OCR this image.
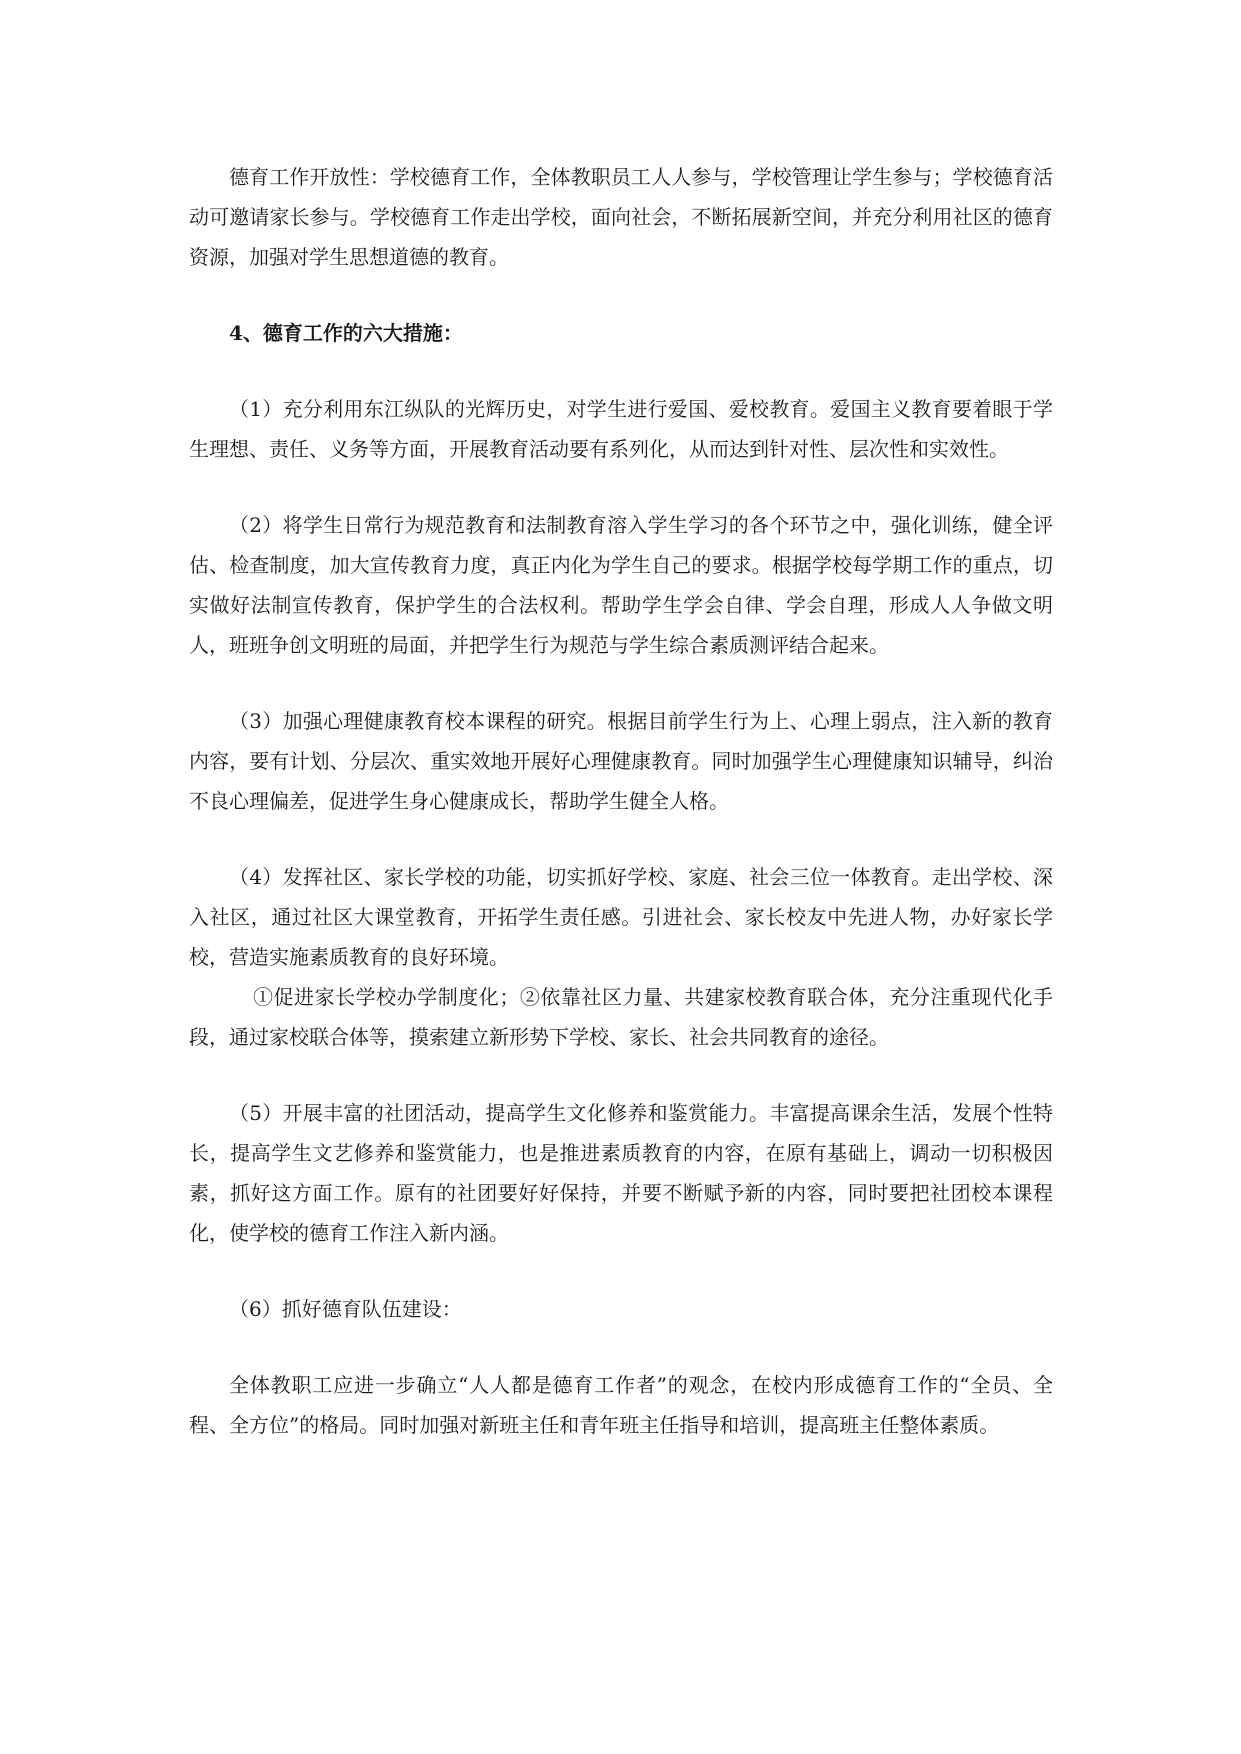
德育工作开放性：学校德育工作，全体教职员工人人参与，学校管理让学生参与；学校德育活动可邀请家长参与。学校德育工作走出学校，面向社会，不断拓展新空间，并充分利用社区的德育资源，加强对学生思想道德的教育。

4、德育工作的六大措施：

（1）充分利用东江纵队的光辉历史，对学生进行爱国、爱校教育。爱国主义教育要着眼于学生理想、责任、义务等方面，开展教育活动要有系列化，从而达到针对性、层次性和实效性。

（2）将学生日常行为规范教育和法制教育溶入学生学习的各个环节之中，强化训练，健全评估、检查制度，加大宣传教育力度，真正内化为学生自己的要求。根据学校每学期工作的重点，切实做好法制宣传教育，保护学生的合法权利。帮助学生学会自律、学会自理，形成人人争做文明人，班班争创文明班的局面，并把学生行为规范与学生综合素质测评结合起来。

（3）加强心理健康教育校本课程的研究。根据目前学生行为上、心理上弱点，注入新的教育内容，要有计划、分层次、重实效地开展好心理健康教育。同时加强学生心理健康知识辅导，纠治不良心理偏差，促进学生身心健康成长，帮助学生健全人格。

（4）发挥社区、家长学校的功能，切实抓好学校、家庭、社会三位一体教育。走出学校、深入社区，通过社区大课堂教育，开拓学生责任感。引进社会、家长校友中先进人物，办好家长学校，营造实施素质教育的良好环境。

①促进家长学校办学制度化；②依靠社区力量、共建家校教育联合体，充分注重现代化手段，通过家校联合体等，摸索建立新形势下学校、家长、社会共同教育的途径。

（5）开展丰富的社团活动，提高学生文化修养和鉴赏能力。丰富提高课余生活，发展个性特长，提高学生文艺修养和鉴赏能力，也是推进素质教育的内容，在原有基础上，调动一切积极因素，抓好这方面工作。原有的社团要好好保持，并要不断赋予新的内容，同时要把社团校本课程化，使学校的德育工作注入新内涵。

（6）抓好德育队伍建设：

全体教职工应进一步确立“人人都是德育工作者”的观念，在校内形成德育工作的“全员、全程、全方位”的格局。同时加强对新班主任和青年班主任指导和培训，提高班主任整体素质。
